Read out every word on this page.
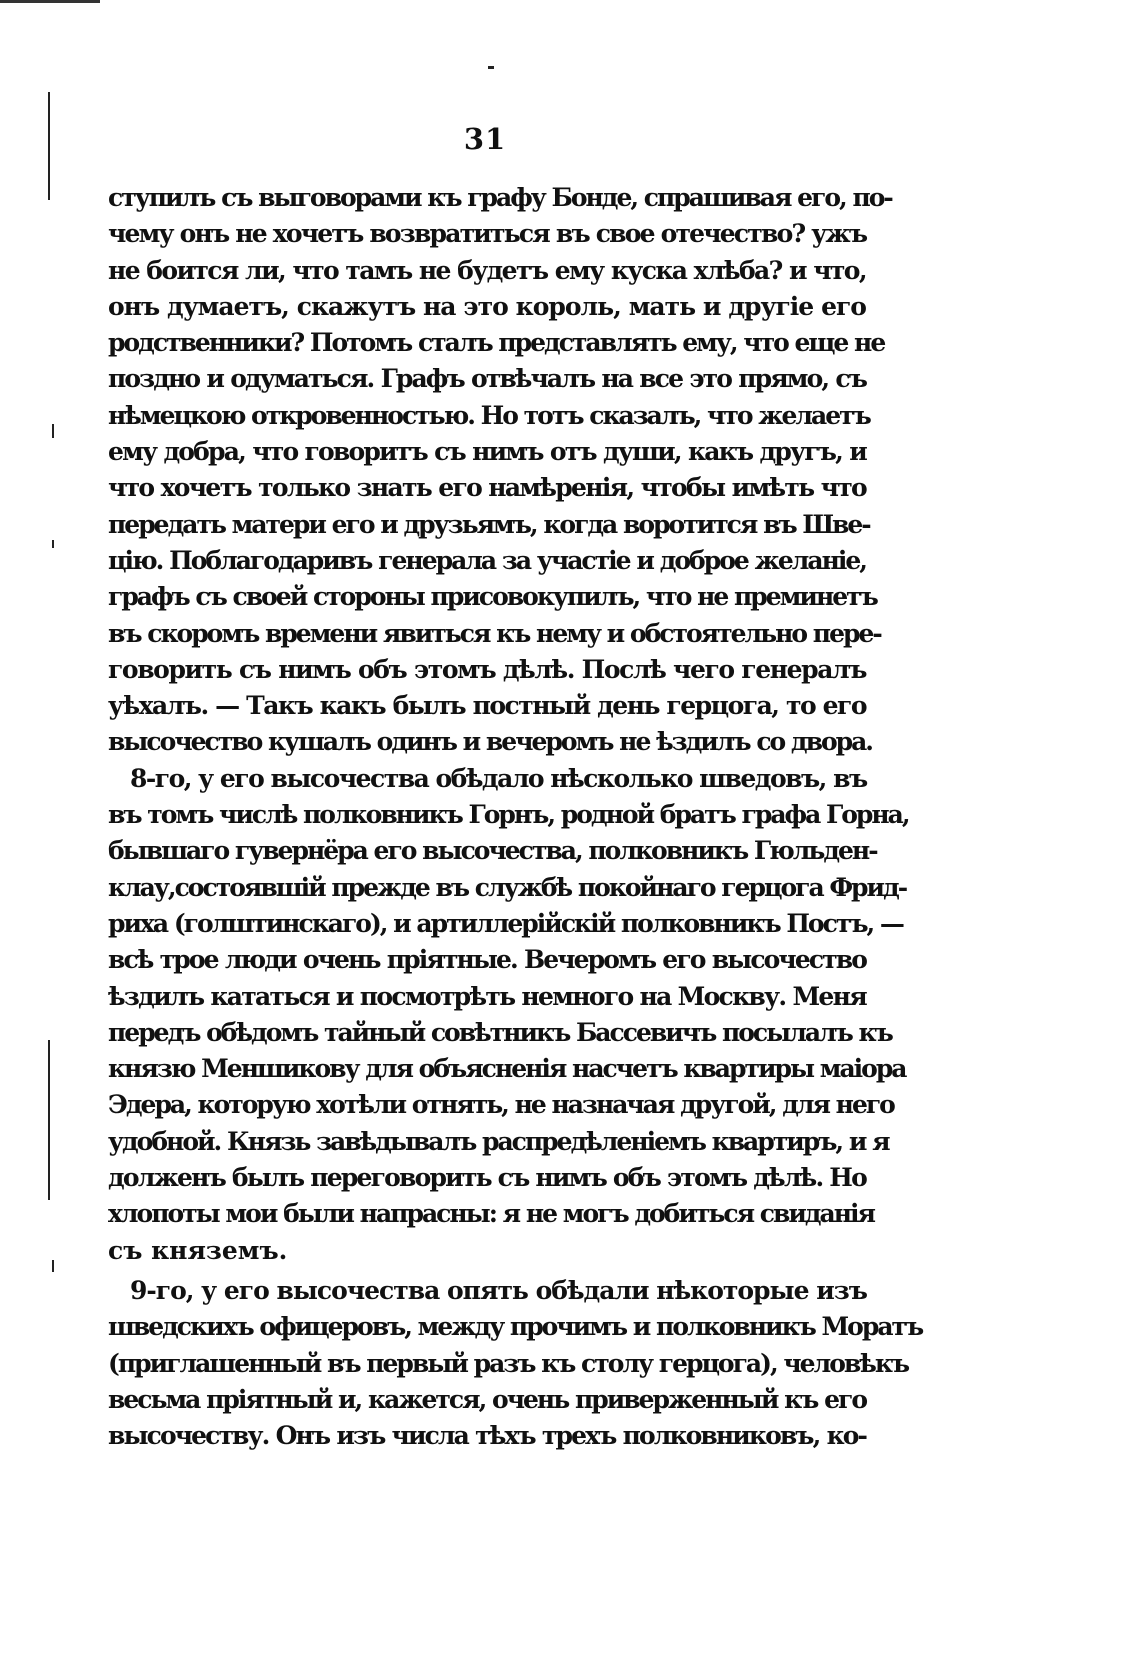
31
ступилъ съ выговорами къ графу Бонде, спрашивая его, по-
чему онъ не хочетъ возвратиться въ свое отечество? ужъ
не боится ли, что тамъ не будетъ ему куска хлѣба? и что,
онъ думаетъ, скажутъ на это король, мать и другіе его
родственники? Потомъ сталъ представлять ему, что еще не
поздно и одуматься. Графъ отвѣчалъ на все это прямо, съ
нѣмецкою откровенностью. Но тотъ сказалъ, что желаетъ
ему добра, что говоритъ съ нимъ отъ души, какъ другъ, и
что хочетъ только знать его намѣренія, чтобы имѣть что
передать матери его и друзьямъ, когда воротится въ Шве-
цію. Поблагодаривъ генерала за участіе и доброе желаніе,
графъ съ своей стороны присовокупилъ, что не преминетъ
въ скоромъ времени явиться къ нему и обстоятельно пере-
говорить съ нимъ объ этомъ дѣлѣ. Послѣ чего генералъ
уѣхалъ. — Такъ какъ былъ постный день герцога, то его
высочество кушалъ одинъ и вечеромъ не ѣздилъ со двора.
8-го, у его высочества обѣдало нѣсколько шведовъ, въ
въ томъ числѣ полковникъ Горнъ, родной братъ графа Горна,
бывшаго гувернёра его высочества, полковникъ Гюльден-
клау,состоявшій прежде въ службѣ покойнаго герцога Фрид-
риха (голштинскаго), и артиллерійскій полковникъ Постъ, —
всѣ трое люди очень пріятные. Вечеромъ его высочество
ѣздилъ кататься и посмотрѣть немного на Москву. Меня
передъ обѣдомъ тайный совѣтникъ Бассевичъ посылалъ къ
князю Меншикову для объясненія насчетъ квартиры маіора
Эдера, которую хотѣли отнять, не назначая другой, для него
удобной. Князь завѣдывалъ распредѣленіемъ квартиръ, и я
долженъ былъ переговорить съ нимъ объ этомъ дѣлѣ. Но
хлопоты мои были напрасны: я не могъ добиться свиданія
съ княземъ.
9-го, у его высочества опять обѣдали нѣкоторые изъ
шведскихъ офицеровъ, между прочимъ и полковникъ Моратъ
(приглашенный въ первый разъ къ столу герцога), человѣкъ
весьма пріятный и, кажется, очень приверженный къ его
высочеству. Онъ изъ числа тѣхъ трехъ полковниковъ, ко-
